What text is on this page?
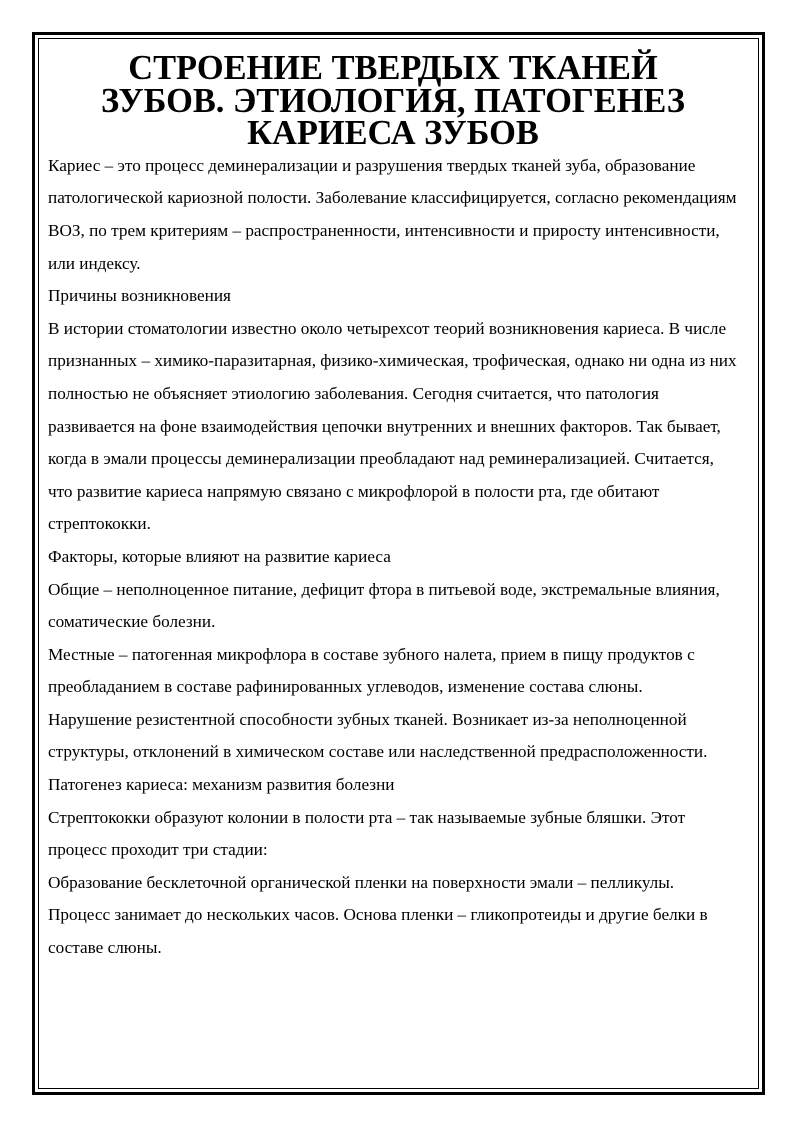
СТРОЕНИЕ ТВЕРДЫХ ТКАНЕЙ ЗУБОВ. ЭТИОЛОГИЯ, ПАТОГЕНЕЗ КАРИЕСА ЗУБОВ

Кариес – это процесс деминерализации и разрушения твердых тканей зуба, образование патологической кариозной полости. Заболевание классифицируется, согласно рекомендациям ВОЗ, по трем критериям – распространенности, интенсивности и приросту интенсивности, или индексу.

Причины возникновения

В истории стоматологии известно около четырехсот теорий возникновения кариеса. В числе признанных – химико-паразитарная, физико-химическая, трофическая, однако ни одна из них полностью не объясняет этиологию заболевания. Сегодня считается, что патология развивается на фоне взаимодействия цепочки внутренних и внешних факторов. Так бывает, когда в эмали процессы деминерализации преобладают над реминерализацией. Считается, что развитие кариеса напрямую связано с микрофлорой в полости рта, где обитают стрептококки.

Факторы, которые влияют на развитие кариеса

Общие – неполноценное питание, дефицит фтора в питьевой воде, экстремальные влияния, соматические болезни.

Местные – патогенная микрофлора в составе зубного налета, прием в пищу продуктов с преобладанием в составе рафинированных углеводов, изменение состава слюны.

Нарушение резистентной способности зубных тканей. Возникает из-за неполноценной структуры, отклонений в химическом составе или наследственной предрасположенности.

Патогенез кариеса: механизм развития болезни

Стрептококки образуют колонии в полости рта – так называемые зубные бляшки. Этот процесс проходит три стадии:

Образование бесклеточной органической пленки на поверхности эмали – пелликулы. Процесс занимает до нескольких часов. Основа пленки – гликопротеиды и другие белки в составе слюны.
